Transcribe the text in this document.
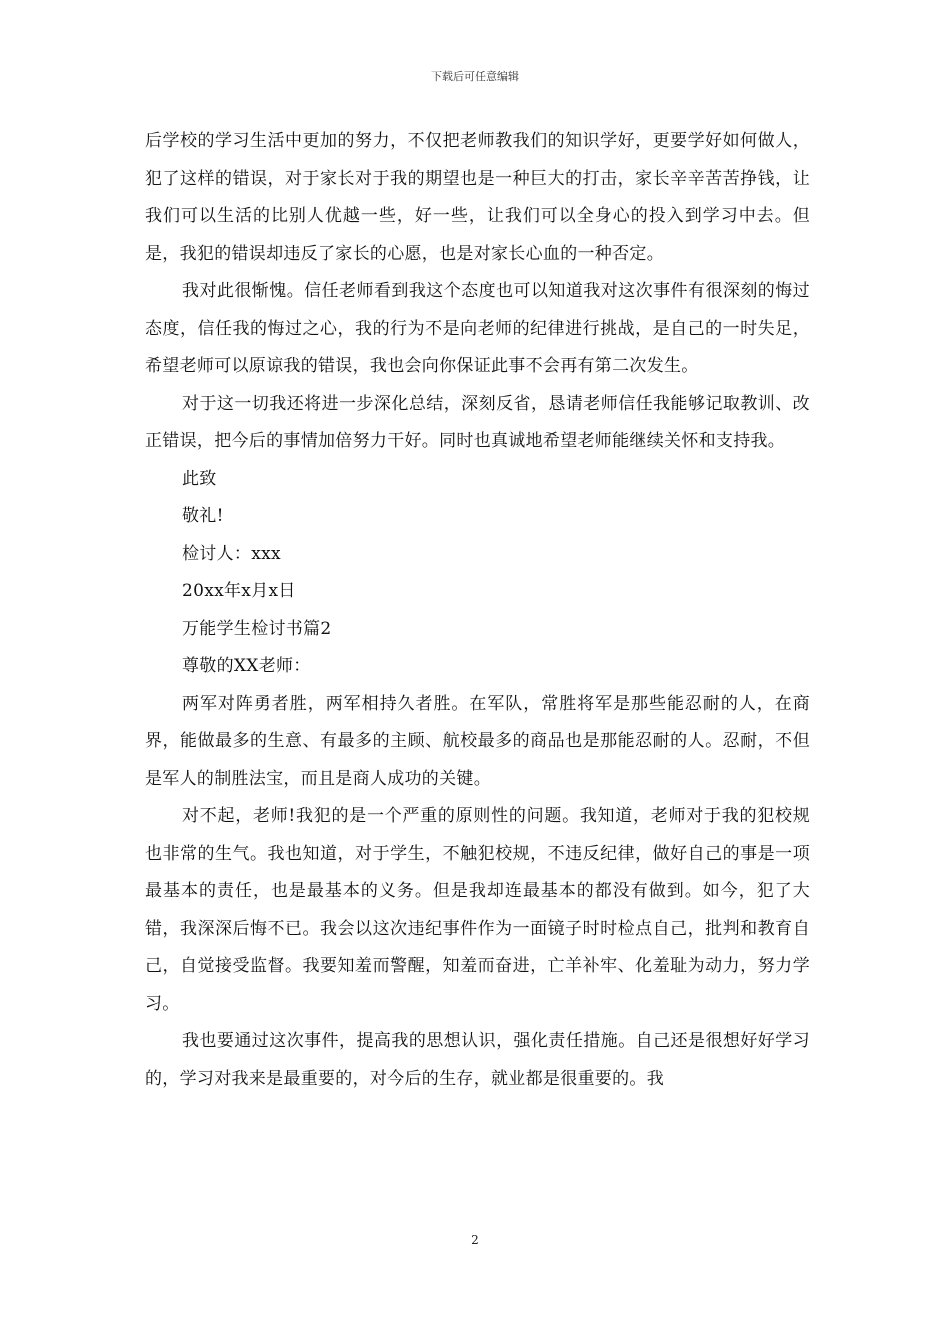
下载后可任意编辑

后学校的学习生活中更加的努力，不仅把老师教我们的知识学好，更要学好如何做人，犯了这样的错误，对于家长对于我的期望也是一种巨大的打击，家长辛辛苦苦挣钱，让我们可以生活的比别人优越一些，好一些，让我们可以全身心的投入到学习中去。但是，我犯的错误却违反了家长的心愿，也是对家长心血的一种否定。

我对此很惭愧。信任老师看到我这个态度也可以知道我对这次事件有很深刻的悔过态度，信任我的悔过之心，我的行为不是向老师的纪律进行挑战，是自己的一时失足，希望老师可以原谅我的错误，我也会向你保证此事不会再有第二次发生。

对于这一切我还将进一步深化总结，深刻反省，恳请老师信任我能够记取教训、改正错误，把今后的事情加倍努力干好。同时也真诚地希望老师能继续关怀和支持我。

此致

敬礼!

检讨人：xxx

20xx年x月x日

万能学生检讨书篇2

尊敬的XX老师：

两军对阵勇者胜，两军相持久者胜。在军队，常胜将军是那些能忍耐的人，在商界，能做最多的生意、有最多的主顾、航校最多的商品也是那能忍耐的人。忍耐，不但是军人的制胜法宝，而且是商人成功的关键。

对不起，老师!我犯的是一个严重的原则性的问题。我知道，老师对于我的犯校规也非常的生气。我也知道，对于学生，不触犯校规，不违反纪律，做好自己的事是一项最基本的责任，也是最基本的义务。但是我却连最基本的都没有做到。如今，犯了大错，我深深后悔不已。我会以这次违纪事件作为一面镜子时时检点自己，批判和教育自己，自觉接受监督。我要知羞而警醒，知羞而奋进，亡羊补牢、化羞耻为动力，努力学习。

我也要通过这次事件，提高我的思想认识，强化责任措施。自己还是很想好好学习的，学习对我来是最重要的，对今后的生存，就业都是很重要的。我

2
